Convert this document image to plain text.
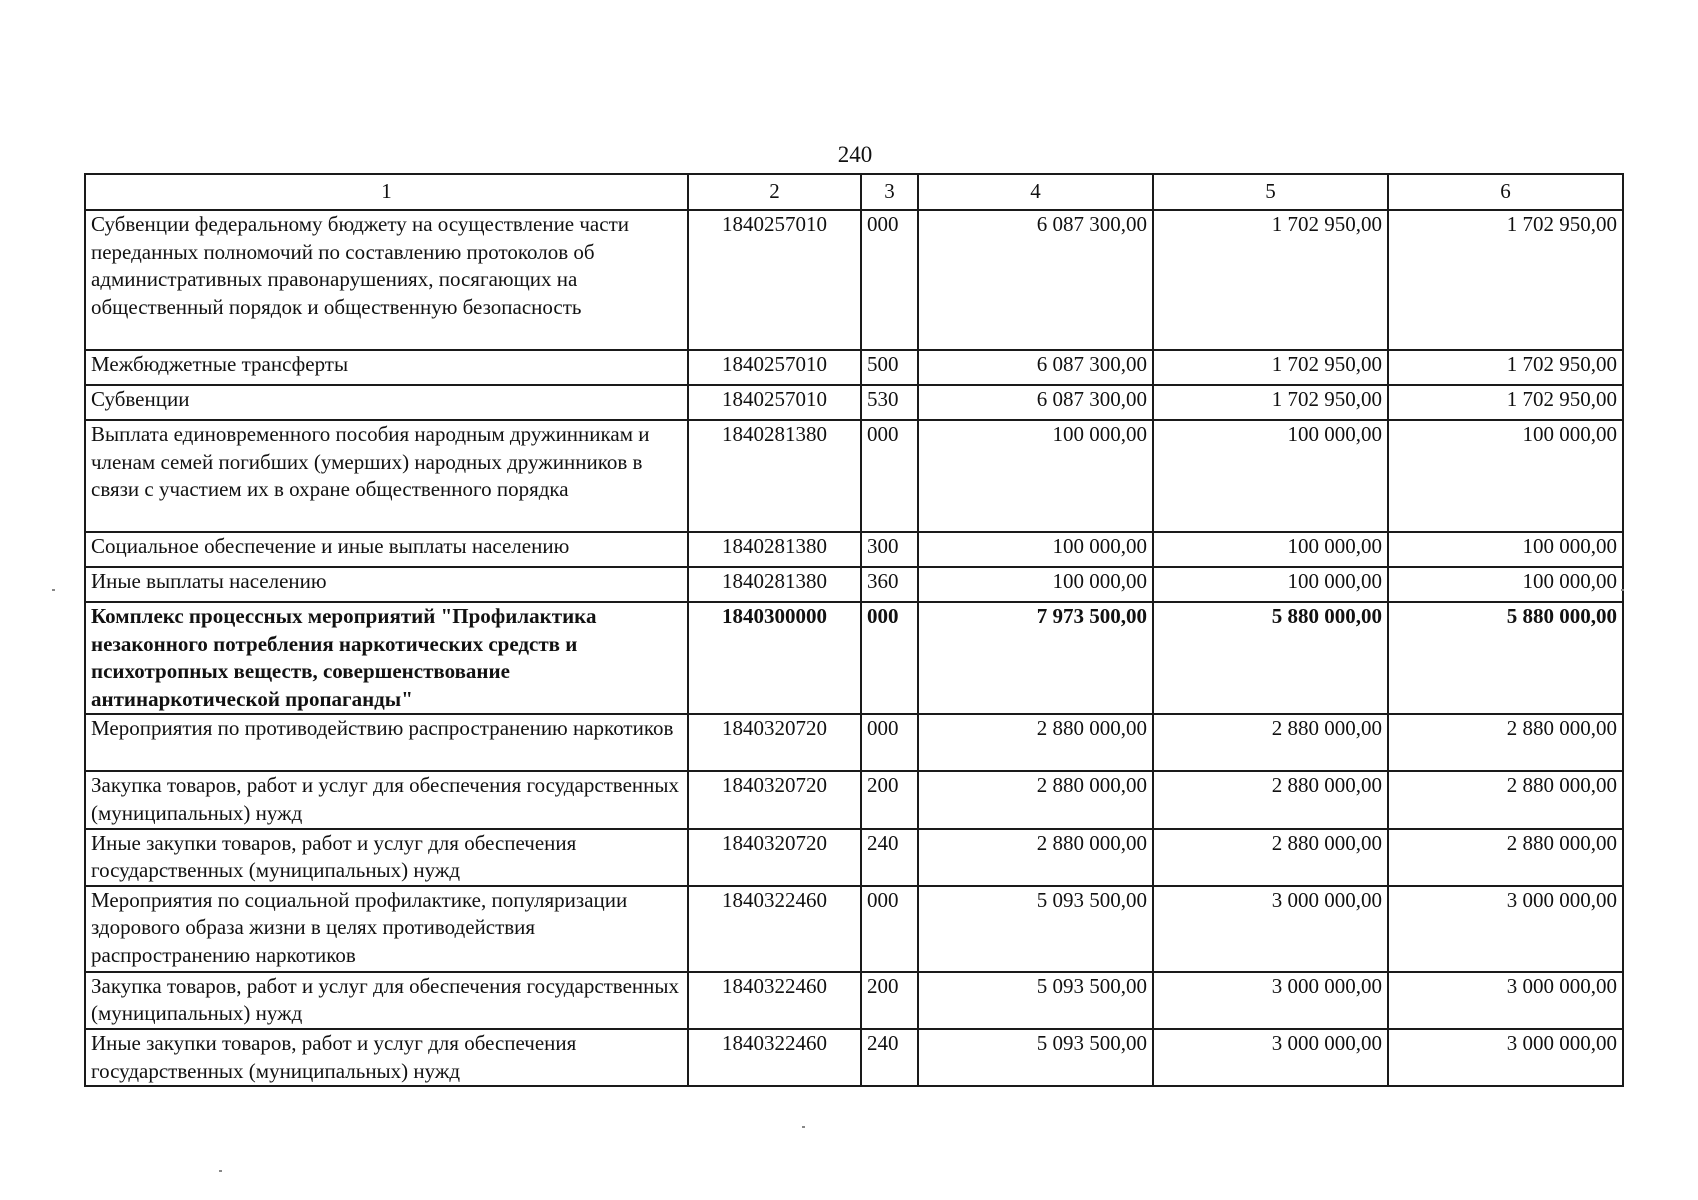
240
1	2	3	4	5	6
Субвенции федеральному бюджету на осуществление части переданных полномочий по составлению протоколов об административных правонарушениях, посягающих на общественный порядок и общественную безопасность	1840257010	000	6 087 300,00	1 702 950,00	1 702 950,00
Межбюджетные трансферты	1840257010	500	6 087 300,00	1 702 950,00	1 702 950,00
Субвенции	1840257010	530	6 087 300,00	1 702 950,00	1 702 950,00
Выплата единовременного пособия народным дружинникам и членам семей погибших (умерших) народных дружинников в связи с участием их в охране общественного порядка	1840281380	000	100 000,00	100 000,00	100 000,00
Социальное обеспечение и иные выплаты населению	1840281380	300	100 000,00	100 000,00	100 000,00
Иные выплаты населению	1840281380	360	100 000,00	100 000,00	100 000,00
Комплекс процессных мероприятий "Профилактика незаконного потребления наркотических средств и психотропных веществ, совершенствование антинаркотической пропаганды"	1840300000	000	7 973 500,00	5 880 000,00	5 880 000,00
Мероприятия по противодействию распространению наркотиков	1840320720	000	2 880 000,00	2 880 000,00	2 880 000,00
Закупка товаров, работ и услуг для обеспечения государственных (муниципальных) нужд	1840320720	200	2 880 000,00	2 880 000,00	2 880 000,00
Иные закупки товаров, работ и услуг для обеспечения государственных (муниципальных) нужд	1840320720	240	2 880 000,00	2 880 000,00	2 880 000,00
Мероприятия по социальной профилактике, популяризации здорового образа жизни в целях противодействия распространению наркотиков	1840322460	000	5 093 500,00	3 000 000,00	3 000 000,00
Закупка товаров, работ и услуг для обеспечения государственных (муниципальных) нужд	1840322460	200	5 093 500,00	3 000 000,00	3 000 000,00
Иные закупки товаров, работ и услуг для обеспечения государственных (муниципальных) нужд	1840322460	240	5 093 500,00	3 000 000,00	3 000 000,00
